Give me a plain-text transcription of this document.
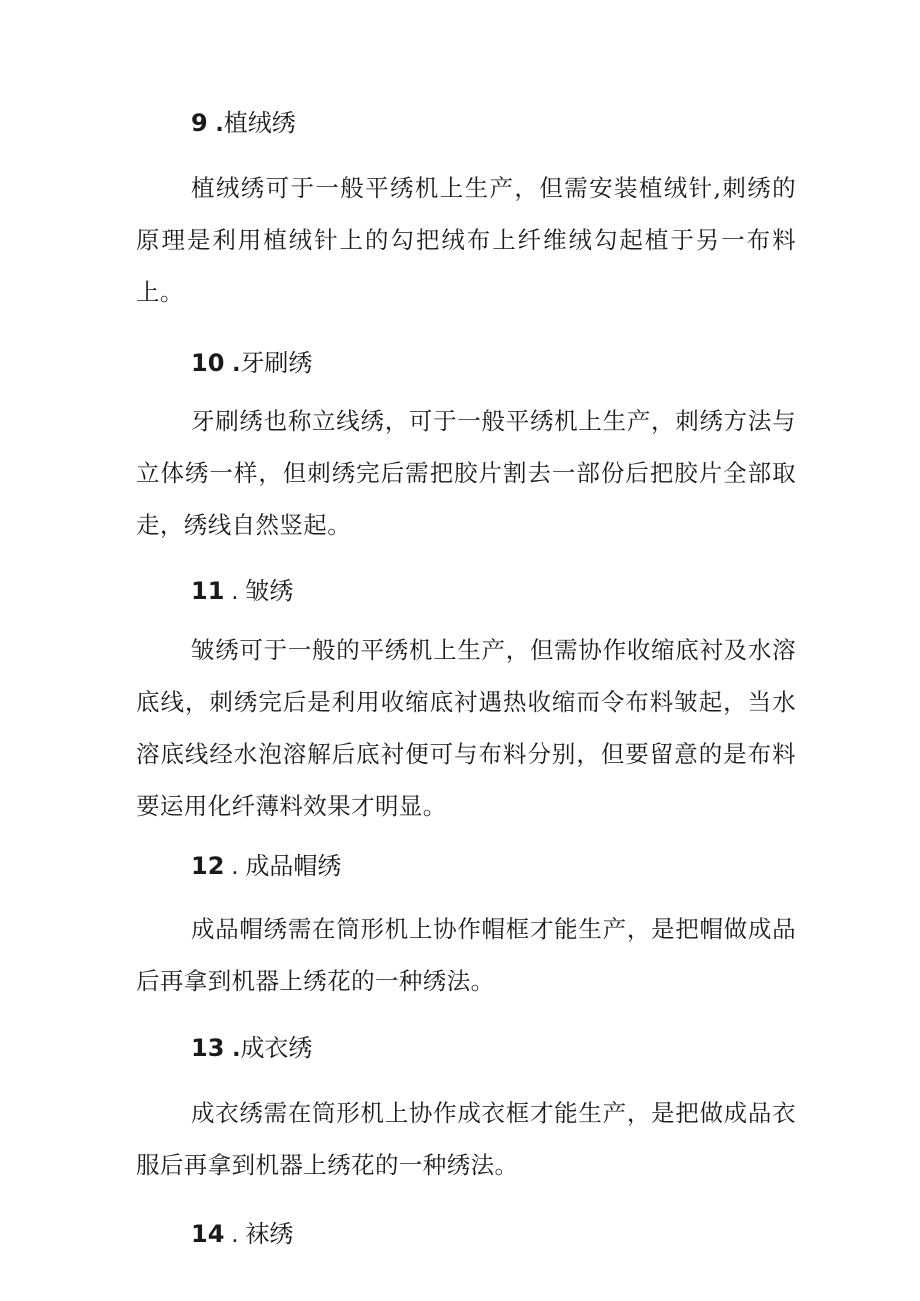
9 .植绒绣

植绒绣可于一般平绣机上生产，但需安装植绒针,刺绣的原理是利用植绒针上的勾把绒布上纤维绒勾起植于另一布料上。

10 .牙刷绣

牙刷绣也称立线绣，可于一般平绣机上生产，刺绣方法与立体绣一样，但刺绣完后需把胶片割去一部份后把胶片全部取走，绣线自然竖起。

11 . 皱绣

皱绣可于一般的平绣机上生产，但需协作收缩底衬及水溶底线，刺绣完后是利用收缩底衬遇热收缩而令布料皱起，当水溶底线经水泡溶解后底衬便可与布料分别，但要留意的是布料要运用化纤薄料效果才明显。

12 . 成品帽绣

成品帽绣需在筒形机上协作帽框才能生产，是把帽做成品后再拿到机器上绣花的一种绣法。

13 .成衣绣

成衣绣需在筒形机上协作成衣框才能生产，是把做成品衣服后再拿到机器上绣花的一种绣法。

14 . 袜绣
